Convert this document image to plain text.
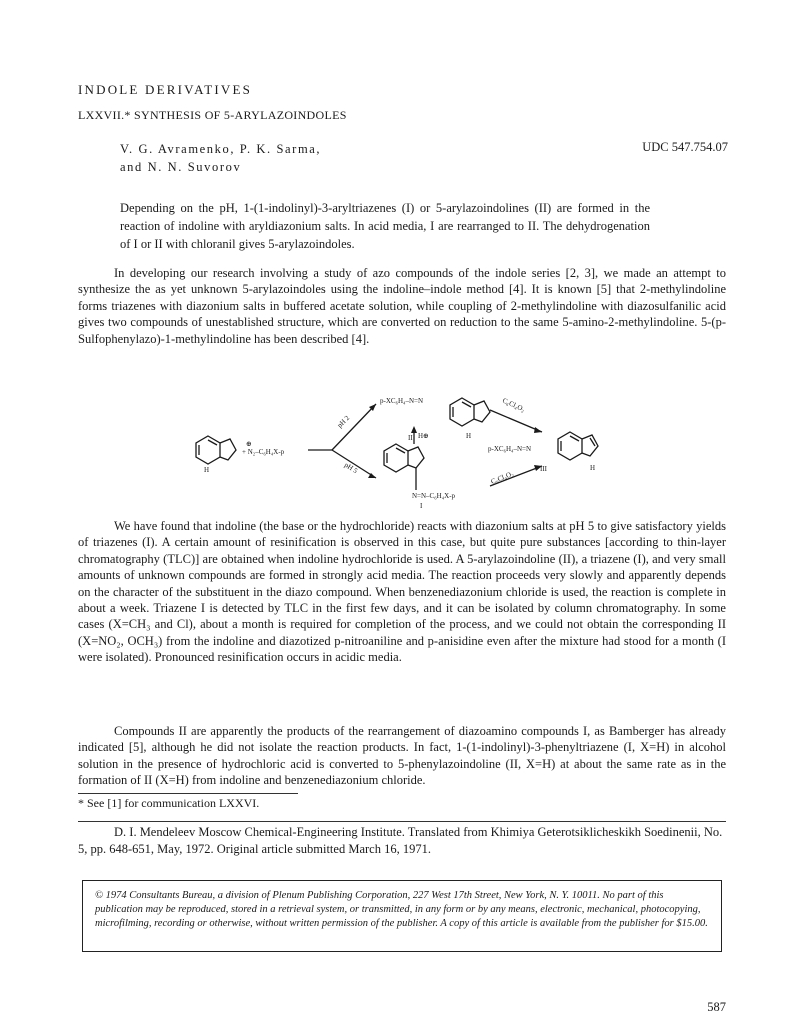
INDOLE DERIVATIVES
LXXVII.* SYNTHESIS OF 5-ARYLAZOINDOLES
V. G. Avramenko, P. K. Sarma,
and N. N. Suvorov
UDC 547.754.07
Depending on the pH, 1-(1-indolinyl)-3-aryltriazenes (I) or 5-arylazoindolines (II) are formed in the reaction of indoline with aryldiazonium salts. In acid media, I are rearranged to II. The dehydrogenation of I or II with chloranil gives 5-arylazoindoles.

In developing our research involving a study of azo compounds of the indole series [2, 3], we made an attempt to synthesize the as yet unknown 5-arylazoindoles using the indoline–indole method [4]. It is known [5] that 2-methylindoline forms triazenes with diazonium salts in buffered acetate solution, while coupling of 2-methylindoline with diazosulfanilic acid gives two compounds of unestablished structure, which are converted on reduction to the same 5-amino-2-methylindoline. 5-(p-Sulfophenylazo)-1-methylindoline has been described [4].

H
+ N₂–C₆H₄X-p
⊕
pH 2
pH 5
p-XC₆H₄–N=N
H
II H⊕
C₆Cl₄O₂
p-XC₆H₄–N=N
III	H
C₆Cl₄O₂
N=N–C₆H₄X-p
I

We have found that indoline (the base or the hydrochloride) reacts with diazonium salts at pH 5 to give satisfactory yields of triazenes (I). A certain amount of resinification is observed in this case, but quite pure substances [according to thin-layer chromatography (TLC)] are obtained when indoline hydrochloride is used. A 5-arylazoindoline (II), a triazene (I), and very small amounts of unknown compounds are formed in strongly acid media. The reaction proceeds very slowly and apparently depends on the character of the substituent in the diazo compound. When benzenediazonium chloride is used, the reaction is complete in about a week. Triazene I is detected by TLC in the first few days, and it can be isolated by column chromatography. In some cases (X=CH₃ and Cl), about a month is required for completion of the process, and we could not obtain the corresponding II (X=NO₂, OCH₃) from the indoline and diazotized p-nitroaniline and p-anisidine even after the mixture had stood for a month (I were isolated). Pronounced resinification occurs in acidic media.

Compounds II are apparently the products of the rearrangement of diazoamino compounds I, as Bamberger has already indicated [5], although he did not isolate the reaction products. In fact, 1-(1-indolinyl)-3-phenyltriazene (I, X=H) in alcohol solution in the presence of hydrochloric acid is converted to 5-phenylazoindoline (II, X=H) at about the same rate as in the formation of II (X=H) from indoline and benzenediazonium chloride.

* See [1] for communication LXXVI.

D. I. Mendeleev Moscow Chemical-Engineering Institute. Translated from Khimiya Geterotsiklicheskikh Soedinenii, No. 5, pp. 648-651, May, 1972. Original article submitted March 16, 1971.

© 1974 Consultants Bureau, a division of Plenum Publishing Corporation, 227 West 17th Street, New York, N. Y. 10011. No part of this publication may be reproduced, stored in a retrieval system, or transmitted, in any form or by any means, electronic, mechanical, photocopying, microfilming, recording or otherwise, without written permission of the publisher. A copy of this article is available from the publisher for $15.00.
587
